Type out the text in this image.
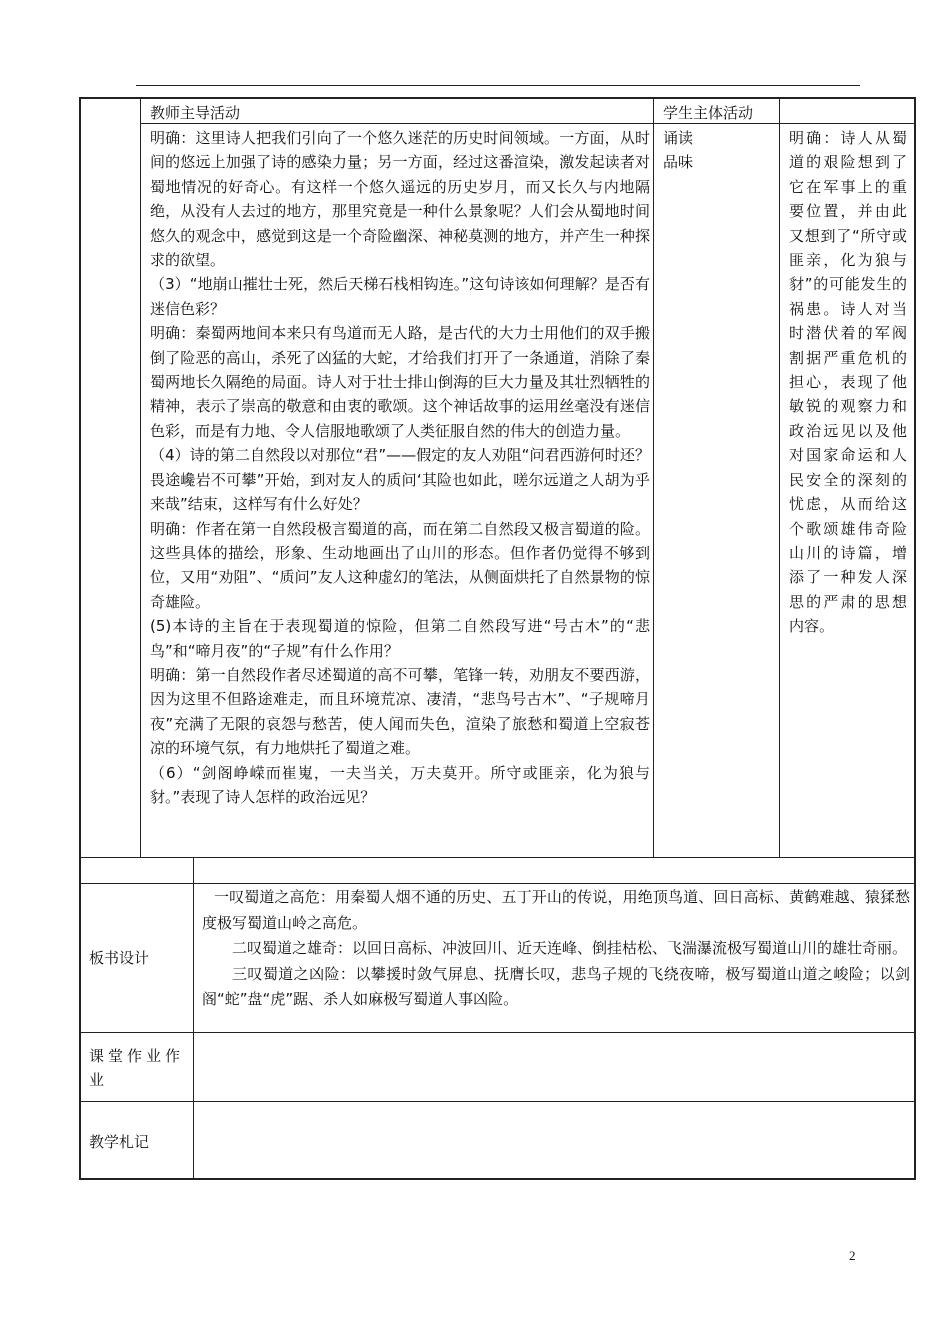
教师主导活动	学生主体活动

明确：这里诗人把我们引向了一个悠久迷茫的历史时间领域。一方面，从时间的悠远上加强了诗的感染力量；另一方面，经过这番渲染，激发起读者对蜀地情况的好奇心。有这样一个悠久遥远的历史岁月，而又长久与内地隔绝，从没有人去过的地方，那里究竟是一种什么景象呢？人们会从蜀地时间悠久的观念中，感觉到这是一个奇险幽深、神秘莫测的地方，并产生一种探求的欲望。

（3）“地崩山摧壮士死，然后天梯石栈相钩连。”这句诗该如何理解？是否有迷信色彩？

明确：秦蜀两地间本来只有鸟道而无人路，是古代的大力士用他们的双手搬倒了险恶的高山，杀死了凶猛的大蛇，才给我们打开了一条通道，消除了秦蜀两地长久隔绝的局面。诗人对于壮士排山倒海的巨大力量及其壮烈牺牲的精神，表示了崇高的敬意和由衷的歌颂。这个神话故事的运用丝毫没有迷信色彩，而是有力地、令人信服地歌颂了人类征服自然的伟大的创造力量。

（4）诗的第二自然段以对那位“君”——假定的友人劝阻“问君西游何时还？畏途巉岩不可攀”开始，到对友人的质问‘其险也如此，嗟尔远道之人胡为乎来哉”结束，这样写有什么好处？

明确：作者在第一自然段极言蜀道的高，而在第二自然段又极言蜀道的险。这些具体的描绘，形象、生动地画出了山川的形态。但作者仍觉得不够到位，又用“劝阻”、“质问”友人这种虚幻的笔法，从侧面烘托了自然景物的惊奇雄险。

(5)本诗的主旨在于表现蜀道的惊险，但第二自然段写进“号古木”的“悲鸟”和“啼月夜”的“子规”有什么作用？

明确：第一自然段作者尽述蜀道的高不可攀，笔锋一转，劝朋友不要西游，因为这里不但路途难走，而且环境荒凉、凄清，“悲鸟号古木”、“子规啼月夜”充满了无限的哀怨与愁苦，使人闻而失色，渲染了旅愁和蜀道上空寂苍凉的环境气氛，有力地烘托了蜀道之难。

（6）“剑阁峥嵘而崔嵬，一夫当关，万夫莫开。所守或匪亲，化为狼与豺。”表现了诗人怎样的政治远见？

诵读
品味
明确：诗人从蜀道的艰险想到了它在军事上的重要位置，并由此又想到了“所守或匪亲，化为狼与豺”的可能发生的祸患。诗人对当时潜伏着的军阀割据严重危机的担心，表现了他敏锐的观察力和政治远见以及他对国家命运和人民安全的深刻的忧虑，从而给这个歌颂雄伟奇险山川的诗篇，增添了一种发人深思的严肃的思想内容。
板书设计

一叹蜀道之高危：用秦蜀人烟不通的历史、五丁开山的传说，用绝顶鸟道、回日高标、黄鹤难越、猿猱愁度极写蜀道山岭之高危。

二叹蜀道之雄奇：以回日高标、冲波回川、近天连峰、倒挂枯松、飞湍瀑流极写蜀道山川的雄壮奇丽。

三叹蜀道之凶险：以攀援时敛气屏息、抚膺长叹，悲鸟子规的飞绕夜啼，极写蜀道山道之峻险；以剑阁“蛇”盘“虎”踞、杀人如麻极写蜀道人事凶险。

课堂作业作业
教学札记
2
